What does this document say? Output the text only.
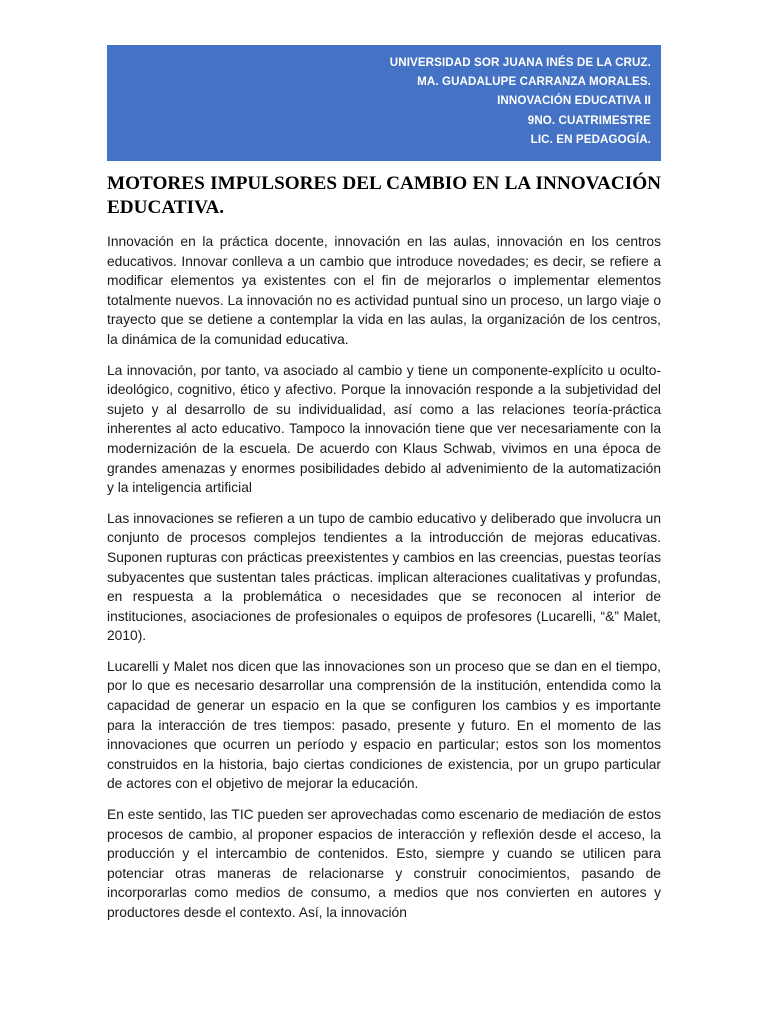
UNIVERSIDAD SOR JUANA INÉS DE LA CRUZ.
MA. GUADALUPE CARRANZA MORALES.
INNOVACIÓN EDUCATIVA II
9NO. CUATRIMESTRE
LIC. EN PEDAGOGÍA.
MOTORES IMPULSORES DEL CAMBIO EN LA INNOVACIÓN EDUCATIVA.

Innovación en la práctica docente, innovación en las aulas, innovación en los centros educativos. Innovar conlleva a un cambio que introduce novedades; es decir, se refiere a modificar elementos ya existentes con el fin de mejorarlos o implementar elementos totalmente nuevos. La innovación no es actividad puntual sino un proceso, un largo viaje o trayecto que se detiene a contemplar la vida en las aulas, la organización de los centros, la dinámica de la comunidad educativa.

La innovación, por tanto, va asociado al cambio y tiene un componente-explícito u oculto- ideológico, cognitivo, ético y afectivo. Porque la innovación responde a la subjetividad del sujeto y al desarrollo de su individualidad, así como a las relaciones teoría-práctica inherentes al acto educativo. Tampoco la innovación tiene que ver necesariamente con la modernización de la escuela. De acuerdo con Klaus Schwab, vivimos en una época de grandes amenazas y enormes posibilidades debido al advenimiento de la automatización y la inteligencia artificial

Las innovaciones se refieren a un tupo de cambio educativo y deliberado que involucra un conjunto de procesos complejos tendientes a la introducción de mejoras educativas. Suponen rupturas con prácticas preexistentes y cambios en las creencias, puestas teorías subyacentes que sustentan tales prácticas. implican alteraciones cualitativas y profundas, en respuesta a la problemática o necesidades que se reconocen al interior de instituciones, asociaciones de profesionales o equipos de profesores (Lucarelli, “&” Malet, 2010).

Lucarelli y Malet nos dicen que las innovaciones son un proceso que se dan en el tiempo, por lo que es necesario desarrollar una comprensión de la institución, entendida como la capacidad de generar un espacio en la que se configuren los cambios y es importante para la interacción de tres tiempos: pasado, presente y futuro. En el momento de las innovaciones que ocurren un período y espacio en particular; estos son los momentos construidos en la historia, bajo ciertas condiciones de existencia, por un grupo particular de actores con el objetivo de mejorar la educación.

En este sentido, las TIC pueden ser aprovechadas como escenario de mediación de estos procesos de cambio, al proponer espacios de interacción y reflexión desde el acceso, la producción y el intercambio de contenidos. Esto, siempre y cuando se utilicen para potenciar otras maneras de relacionarse y construir conocimientos, pasando de incorporarlas como medios de consumo, a medios que nos convierten en autores y productores desde el contexto. Así, la innovación
